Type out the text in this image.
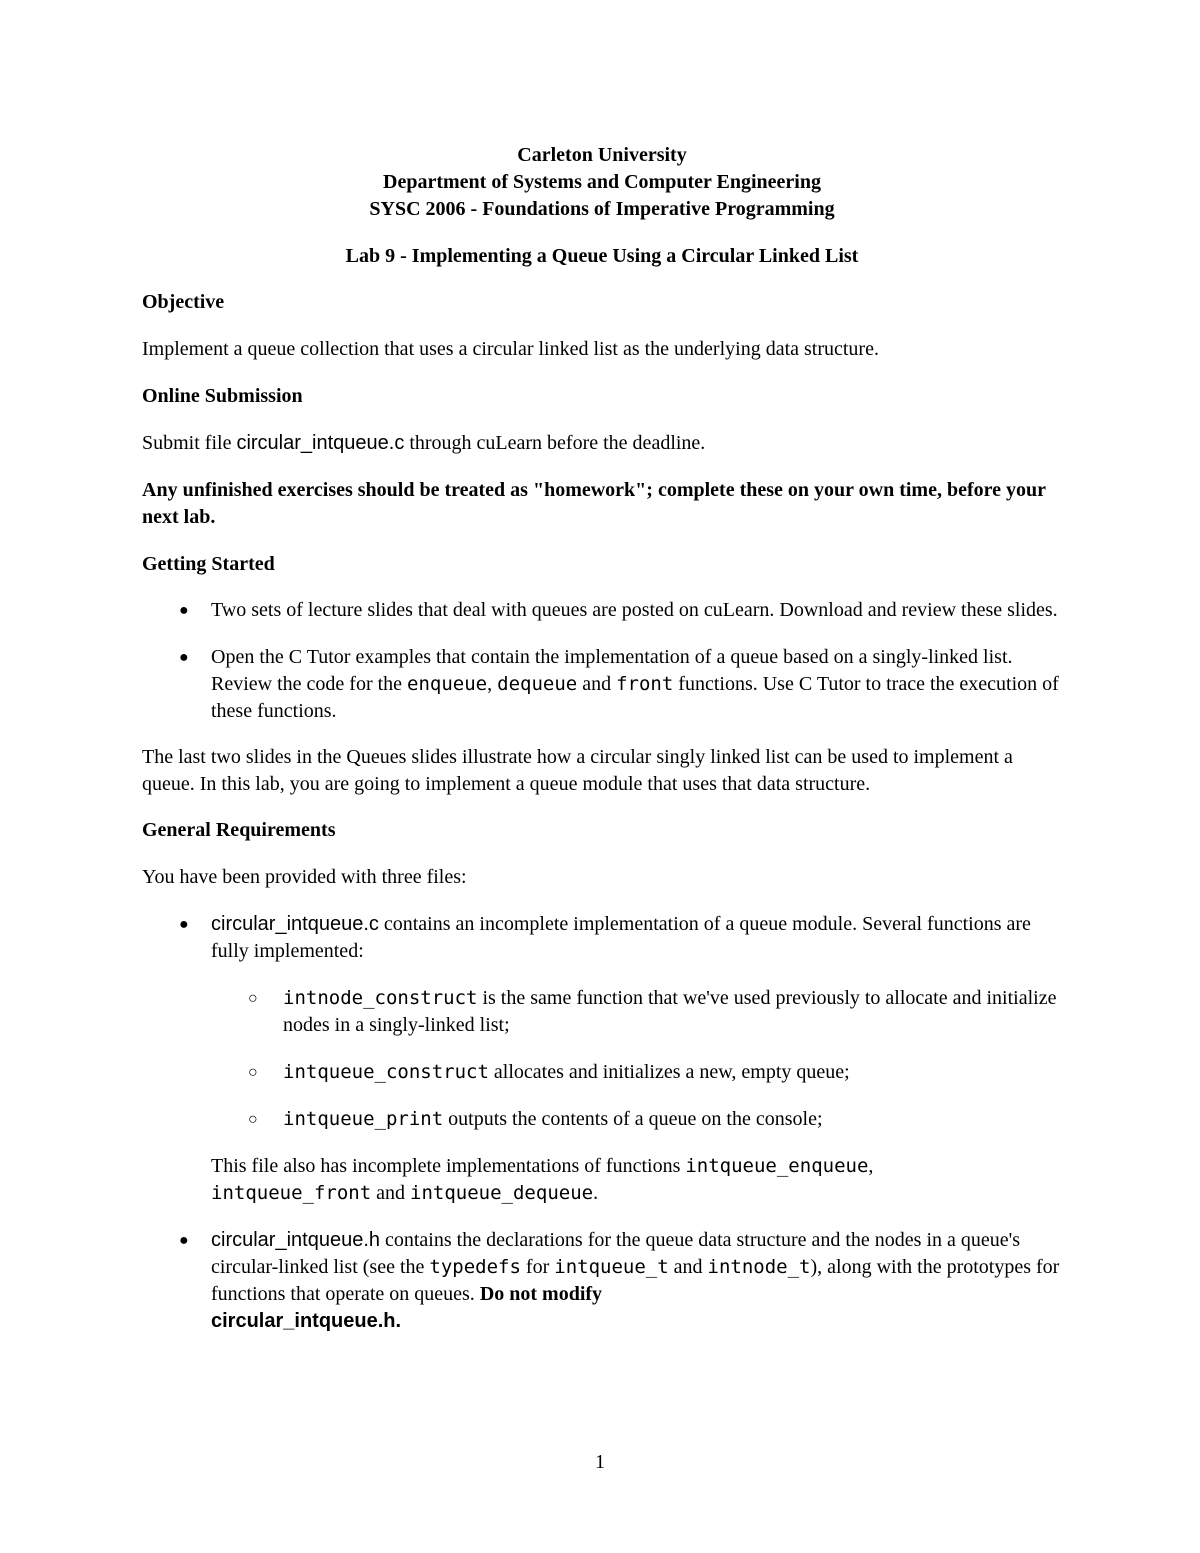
Carleton University

Department of Systems and Computer Engineering

SYSC 2006 - Foundations of Imperative Programming

Lab 9 - Implementing a Queue Using a Circular Linked List

Objective

Implement a queue collection that uses a circular linked list as the underlying data structure.

Online Submission

Submit file circular_intqueue.c through cuLearn before the deadline.

Any unfinished exercises should be treated as "homework"; complete these on your own time, before your next lab.

Getting Started

● Two sets of lecture slides that deal with queues are posted on cuLearn. Download and review these slides.
● Open the C Tutor examples that contain the implementation of a queue based on a singly-linked list. Review the code for the enqueue, dequeue and front functions. Use C Tutor to trace the execution of these functions.

The last two slides in the Queues slides illustrate how a circular singly linked list can be used to implement a queue. In this lab, you are going to implement a queue module that uses that data structure.

General Requirements

You have been provided with three files:

● circular_intqueue.c contains an incomplete implementation of a queue module. Several functions are fully implemented:
○ intnode_construct is the same function that we've used previously to allocate and initialize nodes in a singly-linked list;
○ intqueue_construct allocates and initializes a new, empty queue;
○ intqueue_print outputs the contents of a queue on the console;

This file also has incomplete implementations of functions intqueue_enqueue,
intqueue_front and intqueue_dequeue.

● circular_intqueue.h contains the declarations for the queue data structure and the nodes in a queue's circular-linked list (see the typedefs for intqueue_t and intnode_t), along with the prototypes for functions that operate on queues. Do not modify
circular_intqueue.h.
1
